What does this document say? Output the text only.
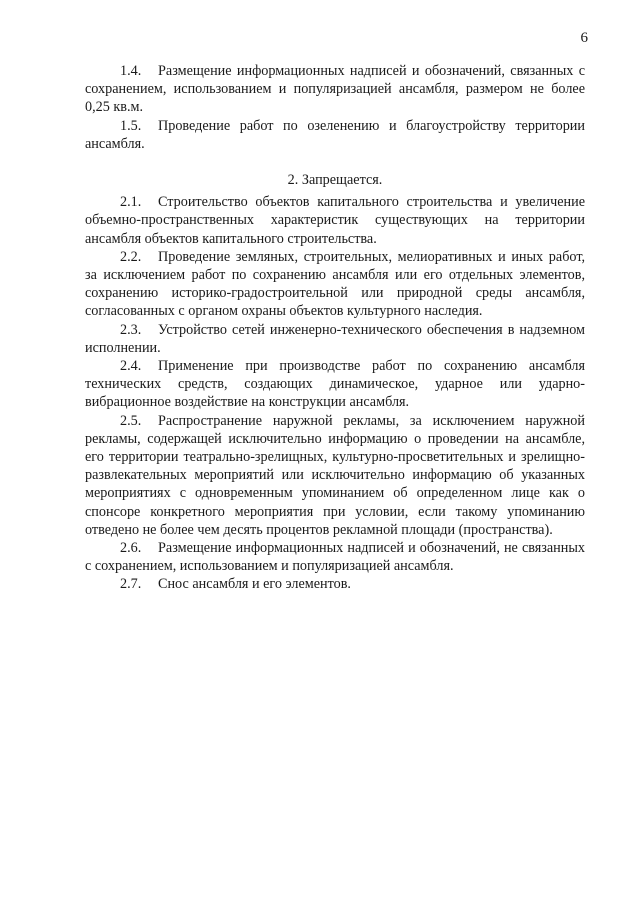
6

1.4. Размещение информационных надписей и обозначений, связанных с сохранением, использованием и популяризацией ансамбля, размером не более 0,25 кв.м.

1.5. Проведение работ по озеленению и благоустройству территории ансамбля.

2. Запрещается.

2.1. Строительство объектов капитального строительства и увеличение объемно-пространственных характеристик существующих на территории ансамбля объектов капитального строительства.

2.2. Проведение земляных, строительных, мелиоративных и иных работ, за исключением работ по сохранению ансамбля или его отдельных элементов, сохранению историко-градостроительной или природной среды ансамбля, согласованных с органом охраны объектов культурного наследия.

2.3. Устройство сетей инженерно-технического обеспечения в надземном исполнении.

2.4. Применение при производстве работ по сохранению ансамбля технических средств, создающих динамическое, ударное или ударно-вибрационное воздействие на конструкции ансамбля.

2.5. Распространение наружной рекламы, за исключением наружной рекламы, содержащей исключительно информацию о проведении на ансамбле, его территории театрально-зрелищных, культурно-просветительных и зрелищно-развлекательных мероприятий или исключительно информацию об указанных мероприятиях с одновременным упоминанием об определенном лице как о спонсоре конкретного мероприятия при условии, если такому упоминанию отведено не более чем десять процентов рекламной площади (пространства).

2.6. Размещение информационных надписей и обозначений, не связанных с сохранением, использованием и популяризацией ансамбля.

2.7. Снос ансамбля и его элементов.
